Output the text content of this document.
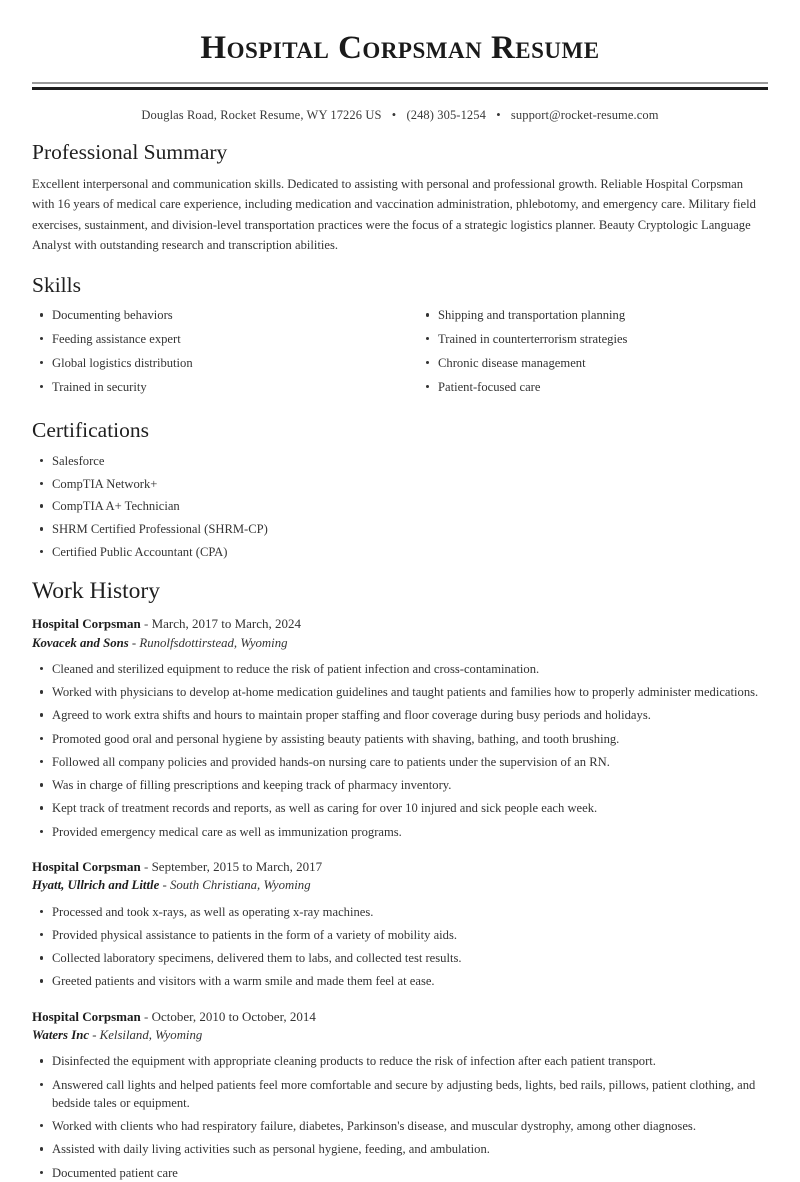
Hospital Corpsman Resume
Douglas Road, Rocket Resume, WY 17226 US • (248) 305-1254 • support@rocket-resume.com
Professional Summary

Excellent interpersonal and communication skills. Dedicated to assisting with personal and professional growth. Reliable Hospital Corpsman with 16 years of medical care experience, including medication and vaccination administration, phlebotomy, and emergency care. Military field exercises, sustainment, and division-level transportation practices were the focus of a strategic logistics planner. Beauty Cryptologic Language Analyst with outstanding research and transcription abilities.

Skills
Documenting behaviors
Feeding assistance expert
Global logistics distribution
Trained in security
Shipping and transportation planning
Trained in counterterrorism strategies
Chronic disease management
Patient-focused care
Certifications
Salesforce
CompTIA Network+
CompTIA A+ Technician
SHRM Certified Professional (SHRM-CP)
Certified Public Accountant (CPA)
Work History
Hospital Corpsman - March, 2017 to March, 2024
Kovacek and Sons - Runolfsdottirstead, Wyoming
Cleaned and sterilized equipment to reduce the risk of patient infection and cross-contamination.
Worked with physicians to develop at-home medication guidelines and taught patients and families how to properly administer medications.
Agreed to work extra shifts and hours to maintain proper staffing and floor coverage during busy periods and holidays.
Promoted good oral and personal hygiene by assisting beauty patients with shaving, bathing, and tooth brushing.
Followed all company policies and provided hands-on nursing care to patients under the supervision of an RN.
Was in charge of filling prescriptions and keeping track of pharmacy inventory.
Kept track of treatment records and reports, as well as caring for over 10 injured and sick people each week.
Provided emergency medical care as well as immunization programs.
Hospital Corpsman - September, 2015 to March, 2017
Hyatt, Ullrich and Little - South Christiana, Wyoming
Processed and took x-rays, as well as operating x-ray machines.
Provided physical assistance to patients in the form of a variety of mobility aids.
Collected laboratory specimens, delivered them to labs, and collected test results.
Greeted patients and visitors with a warm smile and made them feel at ease.
Hospital Corpsman - October, 2010 to October, 2014
Waters Inc - Kelsiland, Wyoming
Disinfected the equipment with appropriate cleaning products to reduce the risk of infection after each patient transport.
Answered call lights and helped patients feel more comfortable and secure by adjusting beds, lights, bed rails, pillows, patient clothing, and bedside tales or equipment.
Worked with clients who had respiratory failure, diabetes, Parkinson's disease, and muscular dystrophy, among other diagnoses.
Assisted with daily living activities such as personal hygiene, feeding, and ambulation.
Documented patient care
